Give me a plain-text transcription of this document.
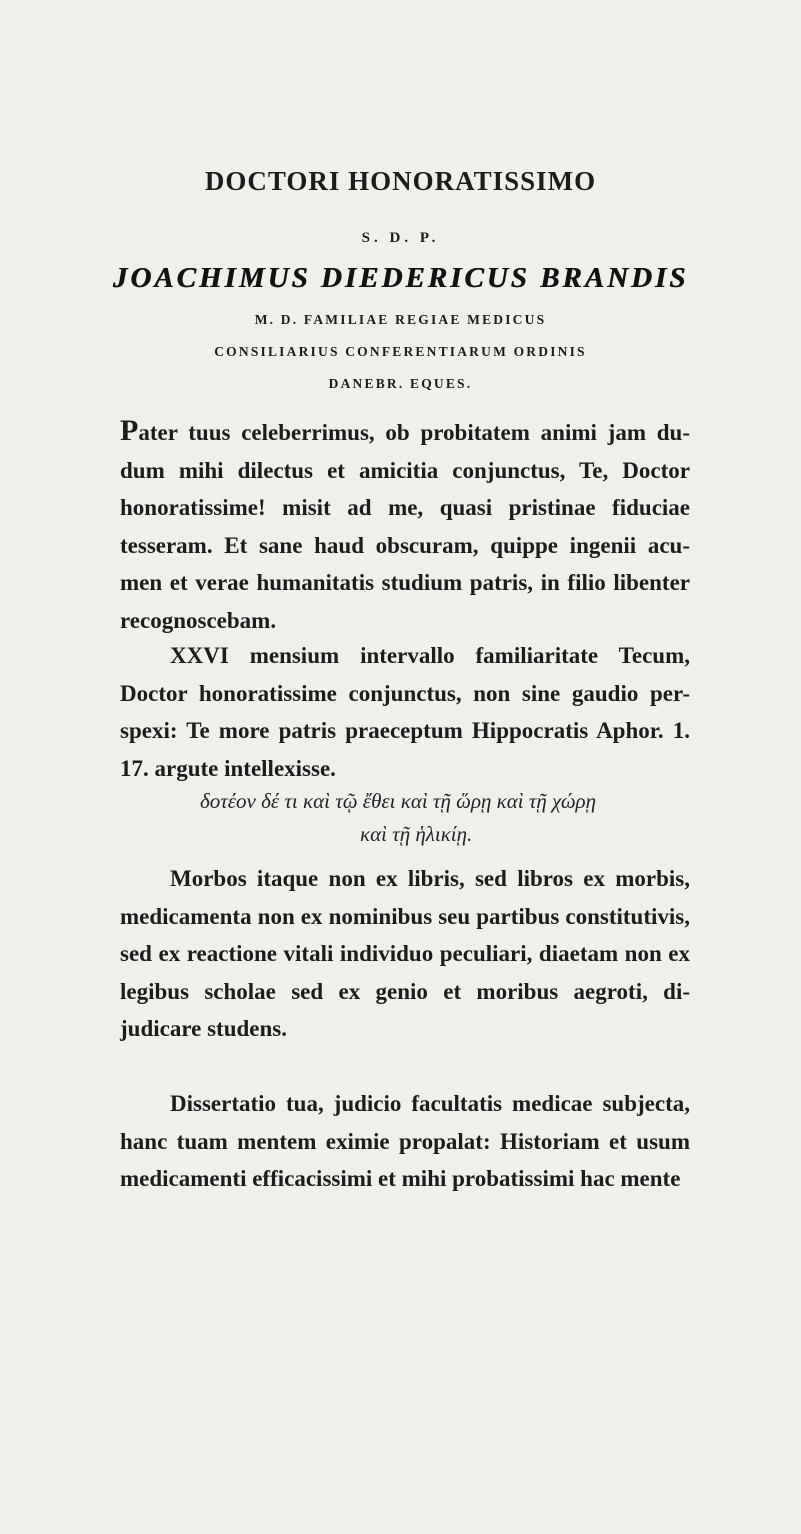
DOCTORI HONORATISSIMO
S. D. P.
JOACHIMUS DIEDERICUS BRANDIS
M. D. FAMILIAE REGIAE MEDICUS
CONSILIARIUS CONFERENTIARUM ORDINIS
DANEBR. EQUES.
Pater tuus celeberrimus, ob probitatem animi jam du-dum mihi dilectus et amicitia conjunctus, Te, Doctor honoratissime! misit ad me, quasi pristinae fiduciae tesseram. Et sane haud obscuram, quippe ingenii acu-men et verae humanitatis studium patris, in filio libenter recognoscebam.
XXVI mensium intervallo familiaritate Tecum, Doctor honoratissime conjunctus, non sine gaudio per-spexi: Te more patris praeceptum Hippocratis Aphor. 1. 17. argute intellexisse.
δοτέον δέ τι καὶ τῷ ἔθει καὶ τῇ ὥρῃ καὶ τῇ χώρῃ
καὶ τῇ ἡλικίῃ.
Morbos itaque non ex libris, sed libros ex morbis, medicamenta non ex nominibus seu partibus constitutivis, sed ex reactione vitali individuo peculiari, diaetam non ex legibus scholae sed ex genio et moribus aegroti, di-judicare studens.
Dissertatio tua, judicio facultatis medicae subjecta, hanc tuam mentem eximie propalat: Historiam et usum medicamenti efficacissimi et mihi probatissimi hac mente
